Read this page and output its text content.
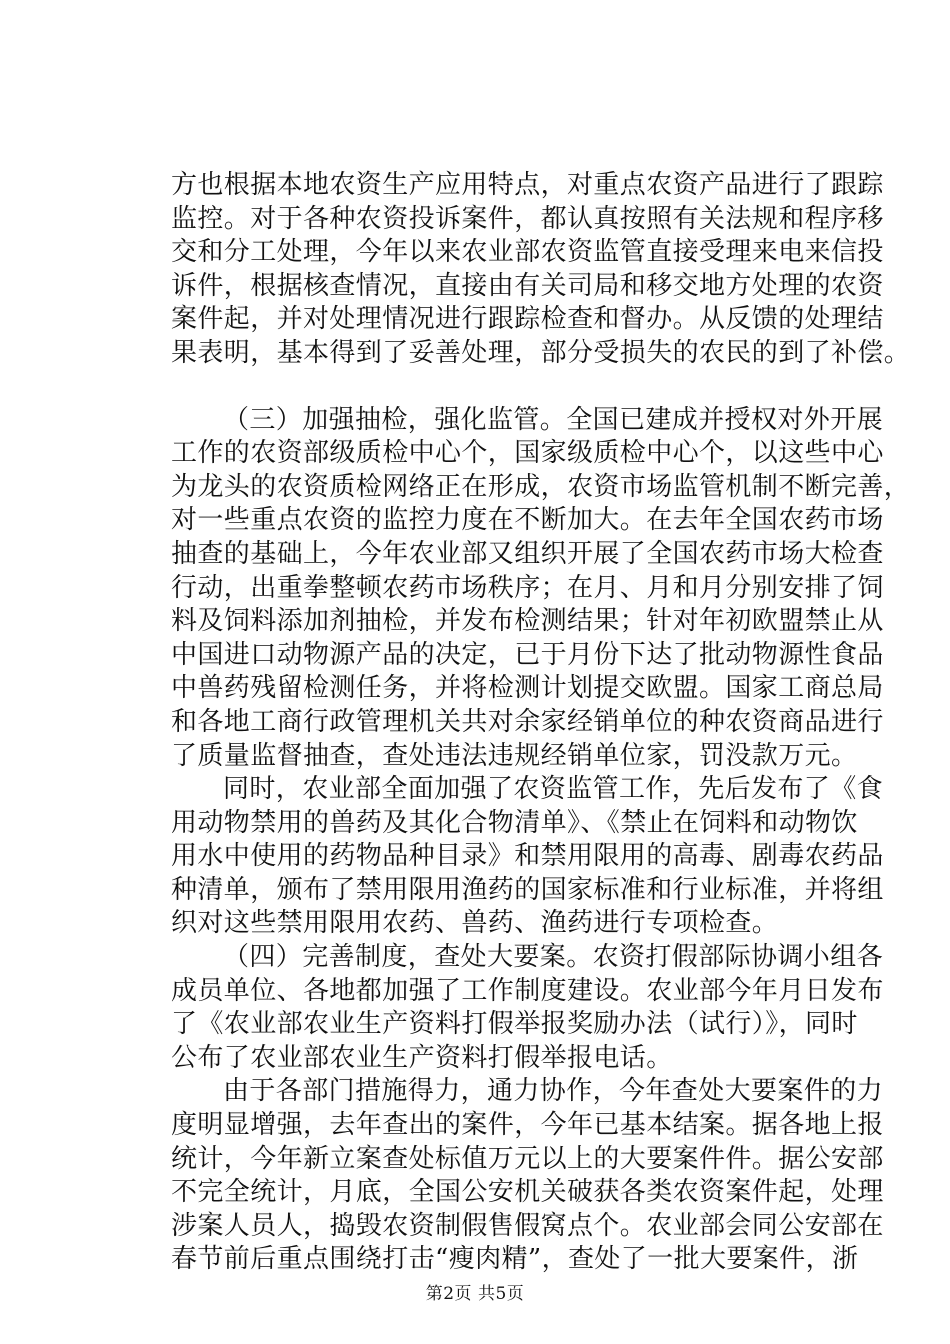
方也根据本地农资生产应用特点，对重点农资产品进行了跟踪
监控。对于各种农资投诉案件，都认真按照有关法规和程序移
交和分工处理，今年以来农业部农资监管直接受理来电来信投
诉件，根据核查情况，直接由有关司局和移交地方处理的农资
案件起，并对处理情况进行跟踪检查和督办。从反馈的处理结
果表明，基本得到了妥善处理，部分受损失的农民的到了补偿。
（三）加强抽检，强化监管。全国已建成并授权对外开展
工作的农资部级质检中心个，国家级质检中心个，以这些中心
为龙头的农资质检网络正在形成，农资市场监管机制不断完善，
对一些重点农资的监控力度在不断加大。在去年全国农药市场
抽查的基础上，今年农业部又组织开展了全国农药市场大检查
行动，出重拳整顿农药市场秩序；在月、月和月分别安排了饲
料及饲料添加剂抽检，并发布检测结果；针对年初欧盟禁止从
中国进口动物源产品的决定，已于月份下达了批动物源性食品
中兽药残留检测任务，并将检测计划提交欧盟。国家工商总局
和各地工商行政管理机关共对余家经销单位的种农资商品进行
了质量监督抽查，查处违法违规经销单位家，罚没款万元。
同时，农业部全面加强了农资监管工作，先后发布了《食
用动物禁用的兽药及其化合物清单》、《禁止在饲料和动物饮
用水中使用的药物品种目录》和禁用限用的高毒、剧毒农药品
种清单，颁布了禁用限用渔药的国家标准和行业标准，并将组
织对这些禁用限用农药、兽药、渔药进行专项检查。
（四）完善制度，查处大要案。农资打假部际协调小组各
成员单位、各地都加强了工作制度建设。农业部今年月日发布
了《农业部农业生产资料打假举报奖励办法（试行）》，同时
公布了农业部农业生产资料打假举报电话。
由于各部门措施得力，通力协作，今年查处大要案件的力
度明显增强，去年查出的案件，今年已基本结案。据各地上报
统计，今年新立案查处标值万元以上的大要案件件。据公安部
不完全统计，月底，全国公安机关破获各类农资案件起，处理
涉案人员人，捣毁农资制假售假窝点个。农业部会同公安部在
春节前后重点围绕打击“瘦肉精”，查处了一批大要案件，浙
第2页 共5页
